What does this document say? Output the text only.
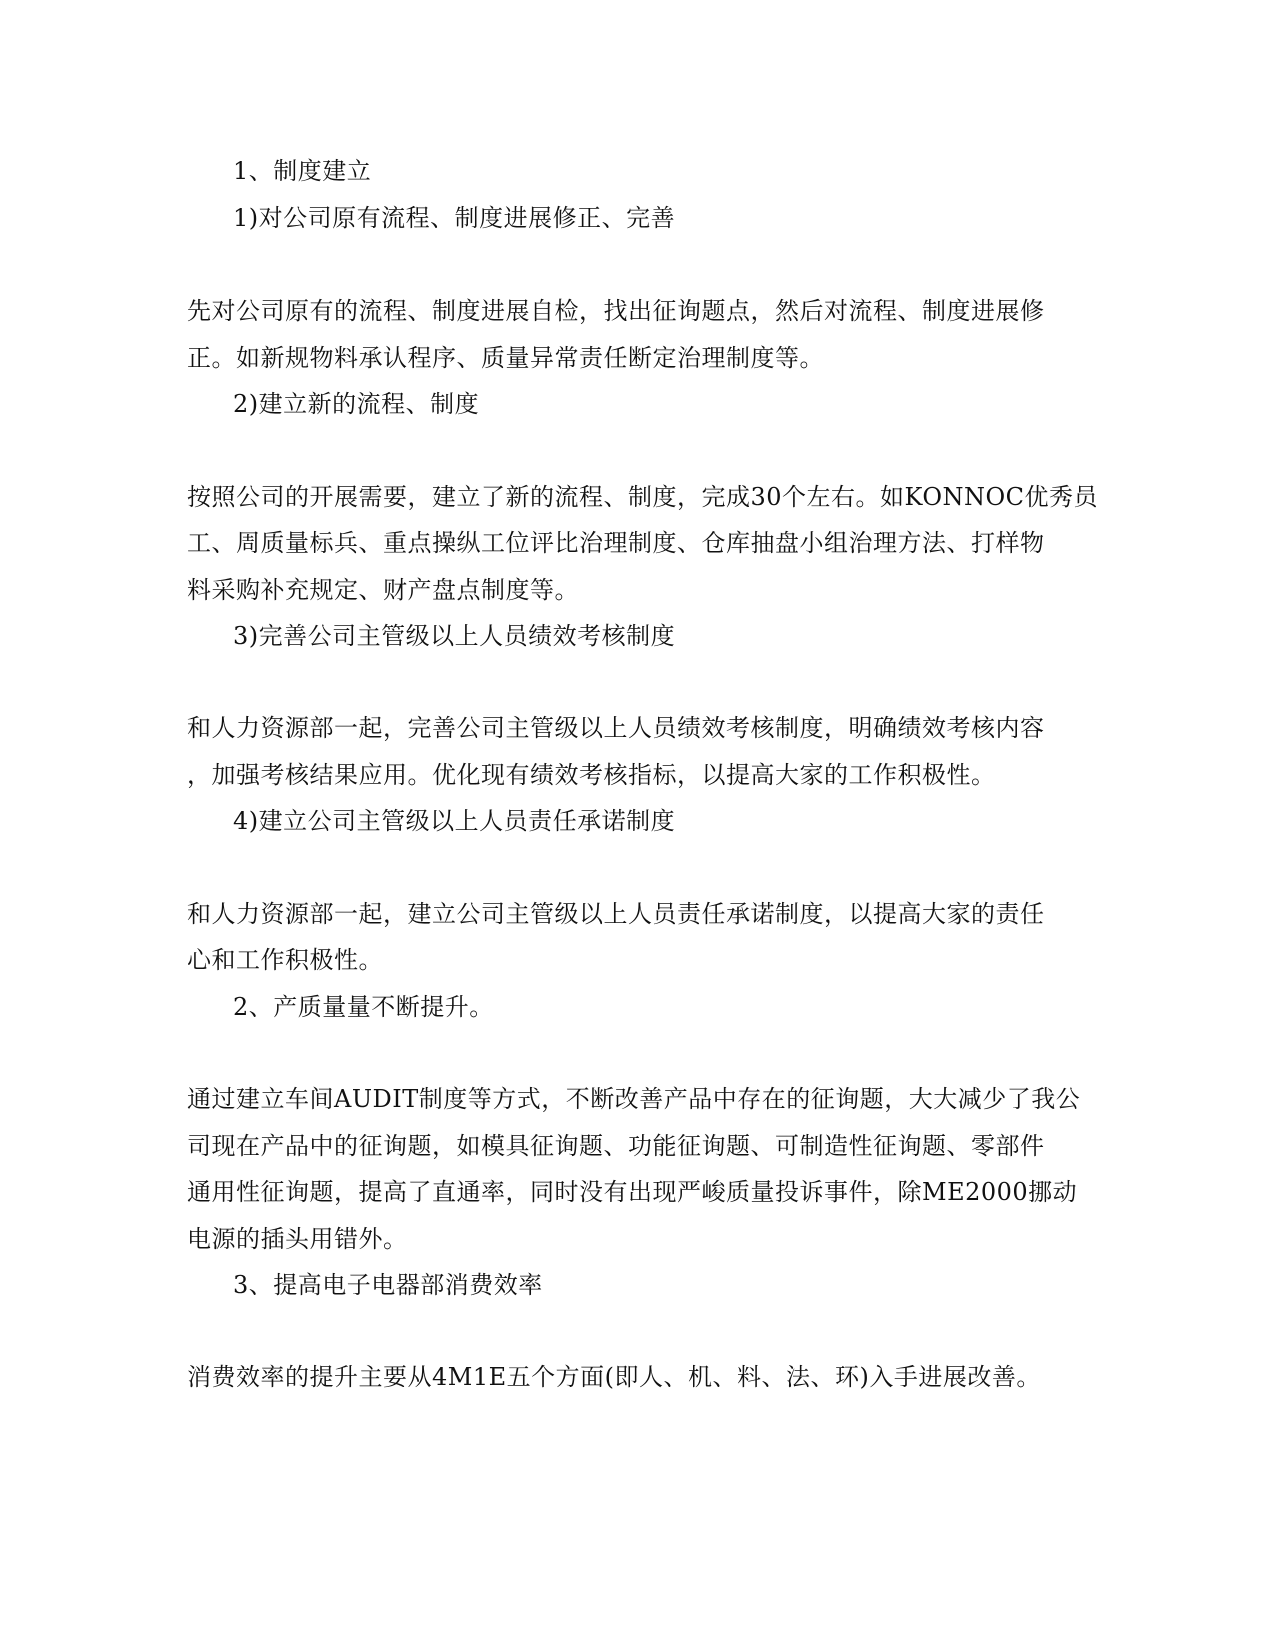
1、制度建立
1)对公司原有流程、制度进展修正、完善
先对公司原有的流程、制度进展自检，找出征询题点，然后对流程、制度进展修
正。如新规物料承认程序、质量异常责任断定治理制度等。
2)建立新的流程、制度
按照公司的开展需要，建立了新的流程、制度，完成30个左右。如KONNOC优秀员
工、周质量标兵、重点操纵工位评比治理制度、仓库抽盘小组治理方法、打样物
料采购补充规定、财产盘点制度等。
3)完善公司主管级以上人员绩效考核制度
和人力资源部一起，完善公司主管级以上人员绩效考核制度，明确绩效考核内容
，加强考核结果应用。优化现有绩效考核指标，以提高大家的工作积极性。
4)建立公司主管级以上人员责任承诺制度
和人力资源部一起，建立公司主管级以上人员责任承诺制度，以提高大家的责任
心和工作积极性。
2、产质量量不断提升。
通过建立车间AUDIT制度等方式，不断改善产品中存在的征询题，大大减少了我公
司现在产品中的征询题，如模具征询题、功能征询题、可制造性征询题、零部件
通用性征询题，提高了直通率，同时没有出现严峻质量投诉事件，除ME2000挪动
电源的插头用错外。
3、提高电子电器部消费效率
消费效率的提升主要从4M1E五个方面(即人、机、料、法、环)入手进展改善。
